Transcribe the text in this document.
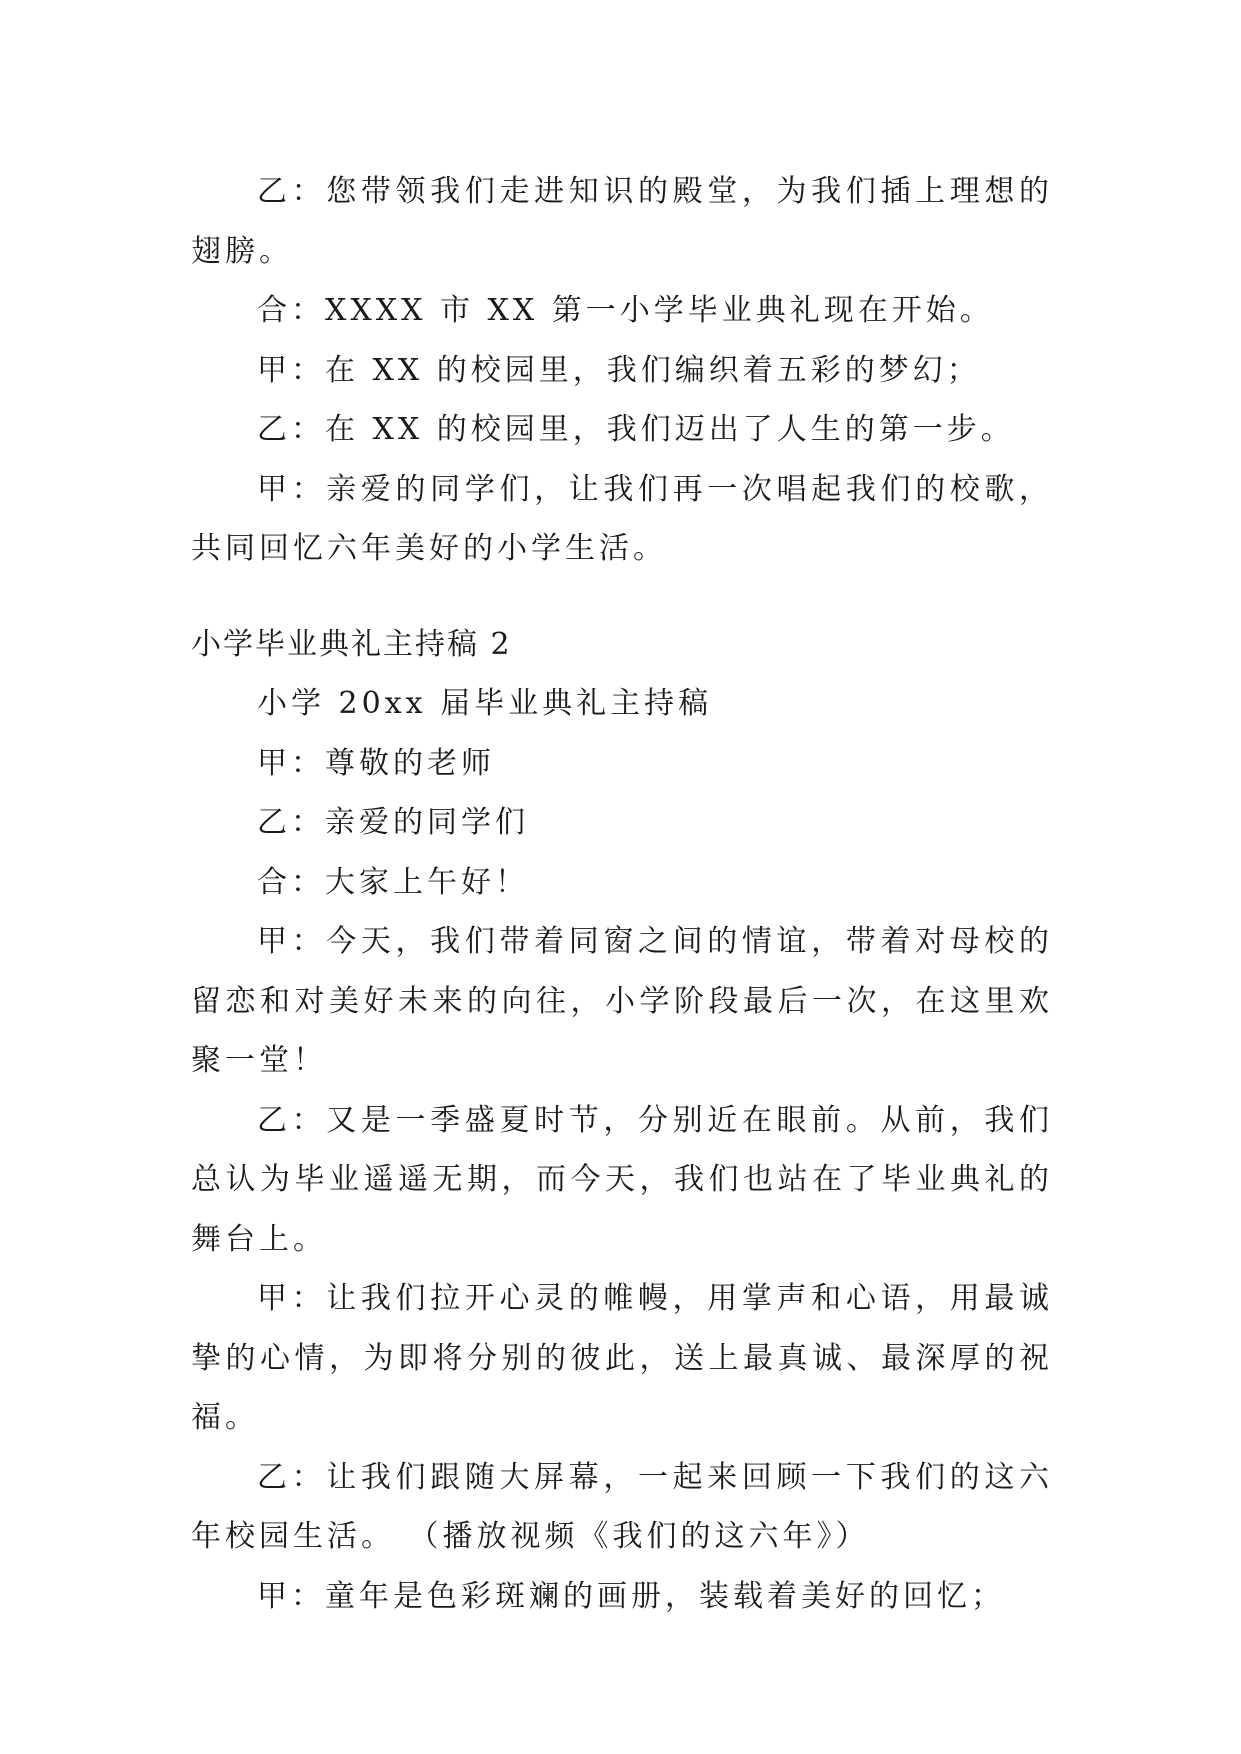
乙：您带领我们走进知识的殿堂，为我们插上理想的翅膀。

合：XXXX 市 XX 第一小学毕业典礼现在开始。

甲：在 XX 的校园里，我们编织着五彩的梦幻；

乙：在 XX 的校园里，我们迈出了人生的第一步。

甲：亲爱的同学们，让我们再一次唱起我们的校歌，共同回忆六年美好的小学生活。

小学毕业典礼主持稿 2

小学 20xx 届毕业典礼主持稿

甲：尊敬的老师

乙：亲爱的同学们

合：大家上午好！

甲：今天，我们带着同窗之间的情谊，带着对母校的留恋和对美好未来的向往，小学阶段最后一次，在这里欢聚一堂！

乙：又是一季盛夏时节，分别近在眼前。从前，我们总认为毕业遥遥无期，而今天，我们也站在了毕业典礼的舞台上。

甲：让我们拉开心灵的帷幔，用掌声和心语，用最诚挚的心情，为即将分别的彼此，送上最真诚、最深厚的祝福。

乙：让我们跟随大屏幕，一起来回顾一下我们的这六年校园生活。 （播放视频《我们的这六年》）

甲：童年是色彩斑斓的画册，装载着美好的回忆；
